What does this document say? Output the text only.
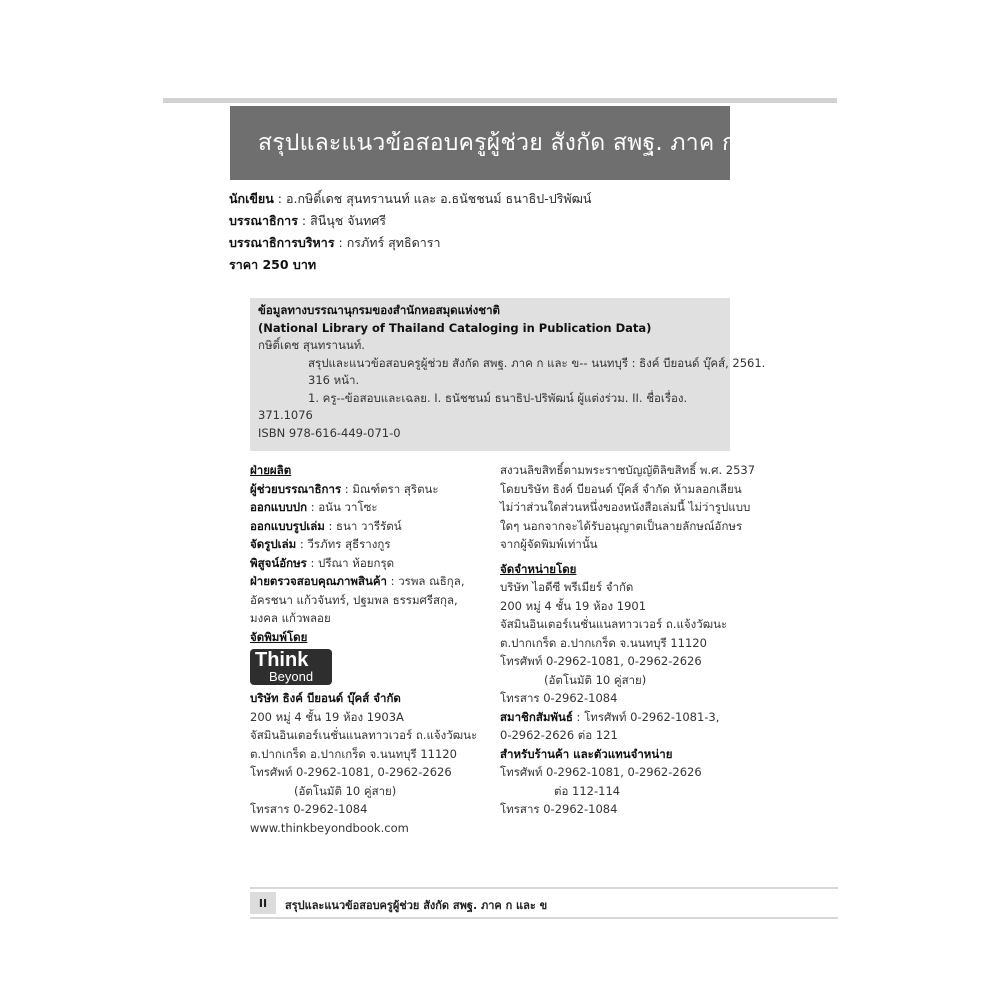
สรุปและแนวข้อสอบครูผู้ช่วย สังกัด สพฐ. ภาค ก และ ข
นักเขียน : อ.กษิติ์เดช สุนทรานนท์ และ อ.ธนัชชนม์ ธนาธิป-ปริพัฒน์
บรรณาธิการ : สินีนุช จันทศรี
บรรณาธิการบริหาร : กรภัทร์ สุทธิดารา
ราคา 250 บาท
ข้อมูลทางบรรณานุกรมของสำนักหอสมุดแห่งชาติ
(National Library of Thailand Cataloging in Publication Data)
กษิติ์เดช สุนทรานนท์.
สรุปและแนวข้อสอบครูผู้ช่วย สังกัด สพฐ. ภาค ก และ ข-- นนทบุรี : ธิงค์ บียอนด์ บุ๊คส์, 2561.
316 หน้า.
1. ครู--ข้อสอบและเฉลย. I. ธนัชชนม์ ธนาธิป-ปริพัฒน์ ผู้แต่งร่วม. II. ชื่อเรื่อง.
371.1076
ISBN 978-616-449-071-0
ฝ่ายผลิต
ผู้ช่วยบรรณาธิการ : มิณฑ์ตรา สุริตนะ
ออกแบบปก : อนัน วาโซะ
ออกแบบรูปเล่ม : ธนา วารีรัตน์
จัดรูปเล่ม : วีรภัทร สุธีรางกูร
พิสูจน์อักษร : ปรีณา ห้อยกรุด
ฝ่ายตรวจสอบคุณภาพสินค้า : วรพล ณธิกุล,
อัครชนา แก้วจันทร์, ปฐมพล ธรรมศรีสกุล,
มงคล แก้วพลอย
จัดพิมพ์โดย
Think
Beyond
บริษัท ธิงค์ บียอนด์ บุ๊คส์ จำกัด
200 หมู่ 4 ชั้น 19 ห้อง 1903A
จัสมินอินเตอร์เนชั่นแนลทาวเวอร์ ถ.แจ้งวัฒนะ
ต.ปากเกร็ด อ.ปากเกร็ด จ.นนทบุรี 11120
โทรศัพท์ 0-2962-1081, 0-2962-2626
(อัตโนมัติ 10 คู่สาย)
โทรสาร 0-2962-1084
www.thinkbeyondbook.com
สงวนลิขสิทธิ์ตามพระราชบัญญัติลิขสิทธิ์ พ.ศ. 2537
โดยบริษัท ธิงค์ บียอนด์ บุ๊คส์ จำกัด ห้ามลอกเลียน
ไม่ว่าส่วนใดส่วนหนึ่งของหนังสือเล่มนี้ ไม่ว่ารูปแบบ
ใดๆ นอกจากจะได้รับอนุญาตเป็นลายลักษณ์อักษร
จากผู้จัดพิมพ์เท่านั้น
จัดจำหน่ายโดย
บริษัท ไอดีซี พรีเมียร์ จำกัด
200 หมู่ 4 ชั้น 19 ห้อง 1901
จัสมินอินเตอร์เนชั่นแนลทาวเวอร์ ถ.แจ้งวัฒนะ
ต.ปากเกร็ด อ.ปากเกร็ด จ.นนทบุรี 11120
โทรศัพท์ 0-2962-1081, 0-2962-2626
(อัตโนมัติ 10 คู่สาย)
โทรสาร 0-2962-1084
สมาชิกสัมพันธ์ : โทรศัพท์ 0-2962-1081-3,
0-2962-2626 ต่อ 121
สำหรับร้านค้า และตัวแทนจำหน่าย
โทรศัพท์ 0-2962-1081, 0-2962-2626
ต่อ 112-114
โทรสาร 0-2962-1084
II	สรุปและแนวข้อสอบครูผู้ช่วย สังกัด สพฐ. ภาค ก และ ข
